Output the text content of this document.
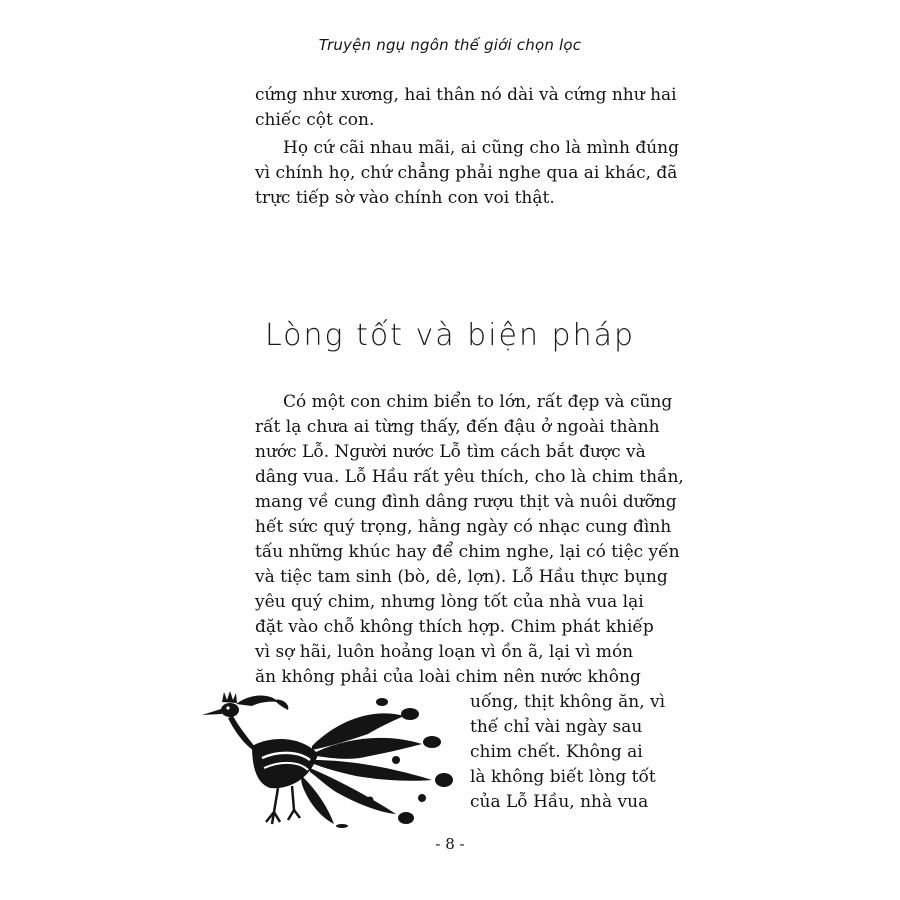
Truyện ngụ ngôn thế giới chọn lọc

cứng như xương, hai thân nó dài và cứng như hai
chiếc cột con.

Họ cứ cãi nhau mãi, ai cũng cho là mình đúng
vì chính họ, chứ chẳng phải nghe qua ai khác, đã
trực tiếp sờ vào chính con voi thật.

Lòng tốt và biện pháp

Có một con chim biển to lớn, rất đẹp và cũng
rất lạ chưa ai từng thấy, đến đậu ở ngoài thành
nước Lỗ. Người nước Lỗ tìm cách bắt được và
dâng vua. Lỗ Hầu rất yêu thích, cho là chim thần,
mang về cung đình dâng rượu thịt và nuôi dưỡng
hết sức quý trọng, hằng ngày có nhạc cung đình
tấu những khúc hay để chim nghe, lại có tiệc yến
và tiệc tam sinh (bò, dê, lợn). Lỗ Hầu thực bụng
yêu quý chim, nhưng lòng tốt của nhà vua lại
đặt vào chỗ không thích hợp. Chim phát khiếp
vì sợ hãi, luôn hoảng loạn vì ồn ã, lại vì món
ăn không phải của loài chim nên nước không

uống, thịt không ăn, vì
thế chỉ vài ngày sau
chim chết. Không ai
là không biết lòng tốt
của Lỗ Hầu, nhà vua
- 8 -
